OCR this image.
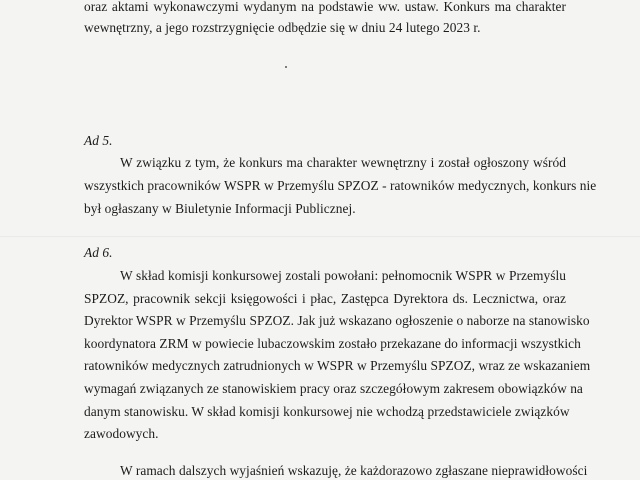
oraz aktami wykonawczymi wydanym na podstawie ww. ustaw. Konkurs ma charakter
wewnętrzny, a jego rozstrzygnięcie odbędzie się w dniu 24 lutego 2023 r.
Ad 5.
W związku z tym, że konkurs ma charakter wewnętrzny i został ogłoszony wśród
wszystkich pracowników WSPR w Przemyślu SPZOZ - ratowników medycznych, konkurs nie
był ogłaszany w Biuletynie Informacji Publicznej.
Ad 6.
W skład komisji konkursowej zostali powołani: pełnomocnik WSPR w Przemyślu
SPZOZ, pracownik sekcji księgowości i płac, Zastępca Dyrektora ds. Lecznictwa, oraz
Dyrektor WSPR w Przemyślu SPZOZ. Jak już wskazano ogłoszenie o naborze na stanowisko
koordynatora ZRM w powiecie lubaczowskim zostało przekazane do informacji wszystkich
ratowników medycznych zatrudnionych w WSPR w Przemyślu SPZOZ, wraz ze wskazaniem
wymagań związanych ze stanowiskiem pracy oraz szczegółowym zakresem obowiązków na
danym stanowisku. W skład komisji konkursowej nie wchodzą przedstawiciele związków
zawodowych.
W ramach dalszych wyjaśnień wskazuję, że każdorazowo zgłaszane nieprawidłowości
